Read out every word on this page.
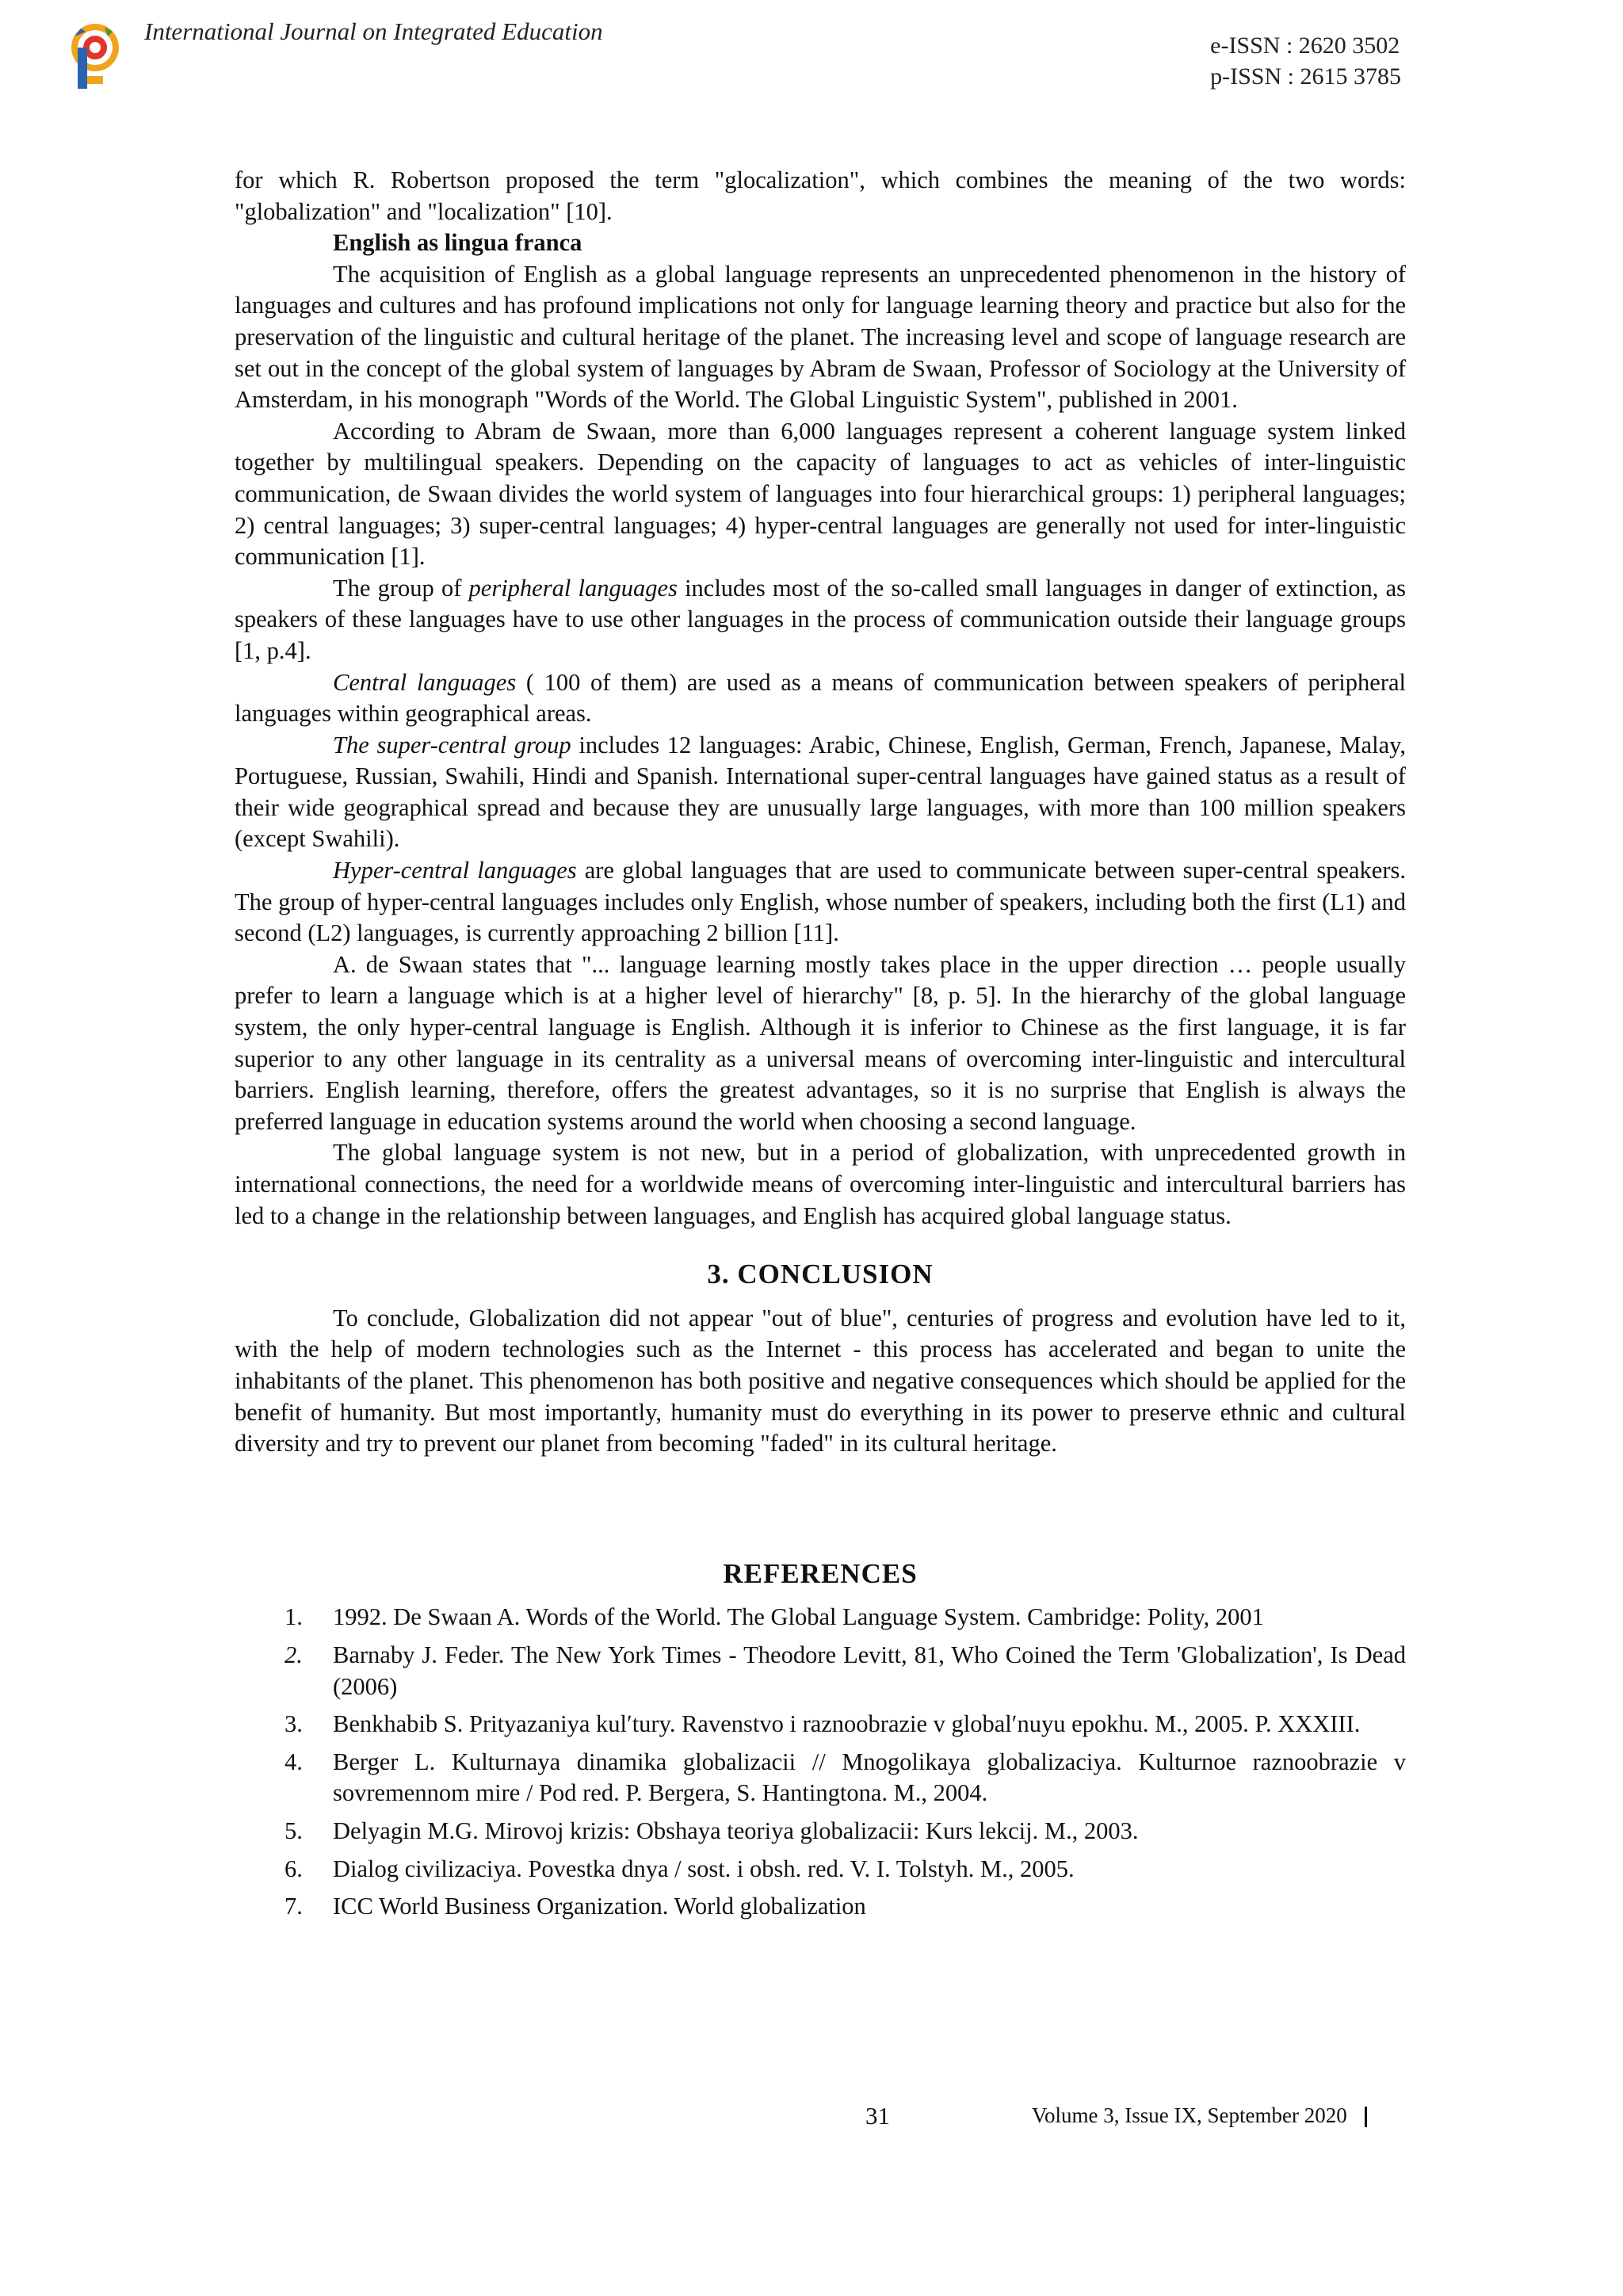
International Journal on Integrated Education
e-ISSN : 2620 3502
p-ISSN : 2615 3785

for which R. Robertson proposed the term "glocalization", which combines the meaning of the two words: "globalization" and "localization" [10].

English as lingua franca

The acquisition of English as a global language represents an unprecedented phenomenon in the history of languages and cultures and has profound implications not only for language learning theory and practice but also for the preservation of the linguistic and cultural heritage of the planet. The increasing level and scope of language research are set out in the concept of the global system of languages by Abram de Swaan, Professor of Sociology at the University of Amsterdam, in his monograph "Words of the World. The Global Linguistic System", published in 2001.

According to Abram de Swaan, more than 6,000 languages represent a coherent language system linked together by multilingual speakers. Depending on the capacity of languages to act as vehicles of inter-linguistic communication, de Swaan divides the world system of languages into four hierarchical groups: 1) peripheral languages; 2) central languages; 3) super-central languages; 4) hyper-central languages are generally not used for inter-linguistic communication [1].

The group of peripheral languages includes most of the so-called small languages in danger of extinction, as speakers of these languages have to use other languages in the process of communication outside their language groups [1, p.4].

Central languages ( 100 of them) are used as a means of communication between speakers of peripheral languages within geographical areas.

The super-central group includes 12 languages: Arabic, Chinese, English, German, French, Japanese, Malay, Portuguese, Russian, Swahili, Hindi and Spanish. International super-central languages have gained status as a result of their wide geographical spread and because they are unusually large languages, with more than 100 million speakers (except Swahili).

Hyper-central languages are global languages that are used to communicate between super-central speakers. The group of hyper-central languages includes only English, whose number of speakers, including both the first (L1) and second (L2) languages, is currently approaching 2 billion [11].

A. de Swaan states that "... language learning mostly takes place in the upper direction … people usually prefer to learn a language which is at a higher level of hierarchy" [8, p. 5]. In the hierarchy of the global language system, the only hyper-central language is English. Although it is inferior to Chinese as the first language, it is far superior to any other language in its centrality as a universal means of overcoming inter-linguistic and intercultural barriers. English learning, therefore, offers the greatest advantages, so it is no surprise that English is always the preferred language in education systems around the world when choosing a second language.

The global language system is not new, but in a period of globalization, with unprecedented growth in international connections, the need for a worldwide means of overcoming inter-linguistic and intercultural barriers has led to a change in the relationship between languages, and English has acquired global language status.

3. CONCLUSION

To conclude, Globalization did not appear "out of blue", centuries of progress and evolution have led to it, with the help of modern technologies such as the Internet - this process has accelerated and began to unite the inhabitants of the planet. This phenomenon has both positive and negative consequences which should be applied for the benefit of humanity. But most importantly, humanity must do everything in its power to preserve ethnic and cultural diversity and try to prevent our planet from becoming "faded" in its cultural heritage.

REFERENCES
1. 1992. De Swaan A. Words of the World. The Global Language System. Cambridge: Polity, 2001
2. Barnaby J. Feder. The New York Times - Theodore Levitt, 81, Who Coined the Term 'Globalization', Is Dead (2006)
3. Benkhabib S. Prityazaniya kulʹtury. Ravenstvo i raznoobrazie v globalʹnuyu epokhu. M., 2005. P. XXXIII.
4. Berger L. Kulturnaya dinamika globalizacii // Mnogolikaya globalizaciya. Kulturnoe raznoobrazie v sovremennom mire / Pod red. P. Bergera, S. Hantingtona. M., 2004.
5. Delyagin M.G. Mirovoj krizis: Obshaya teoriya globalizacii: Kurs lekcij. M., 2003.
6. Dialog civilizaciya. Povestka dnya / sost. i obsh. red. V. I. Tolstyh. M., 2005.
7. ICC World Business Organization. World globalization
31	Volume 3, Issue IX, September 2020
